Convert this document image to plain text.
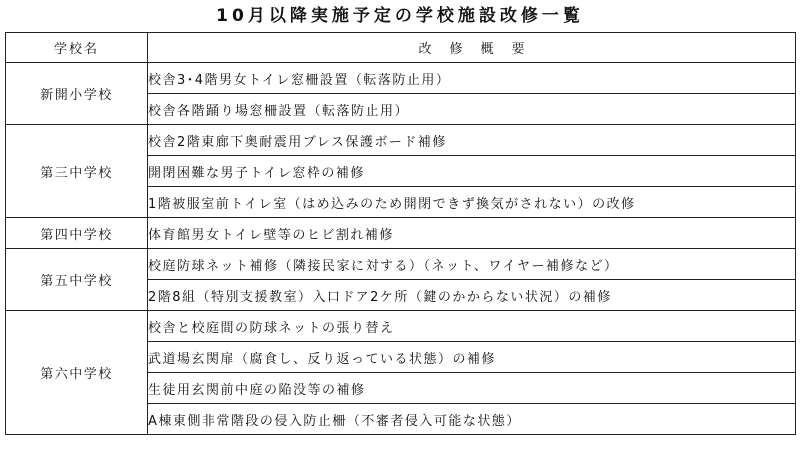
10月以降実施予定の学校施設改修一覧
学校名	改修概要
新開小学校	校舎3･4階男女トイレ窓柵設置（転落防止用）
	校舎各階踊り場窓柵設置（転落防止用）
第三中学校	校舎2階東廊下奥耐震用ブレス保護ボード補修
	開閉困難な男子トイレ窓枠の補修
	1階被服室前トイレ室（はめ込みのため開閉できず換気がされない）の改修
第四中学校	体育館男女トイレ壁等のヒビ割れ補修
第五中学校	校庭防球ネット補修（隣接民家に対する）（ネット、ワイヤー補修など）
	2階8組（特別支援教室）入口ドア2ケ所（鍵のかからない状況）の補修
第六中学校	校舎と校庭間の防球ネットの張り替え
	武道場玄関扉（腐食し、反り返っている状態）の補修
	生徒用玄関前中庭の陥没等の補修
	A棟東側非常階段の侵入防止柵（不審者侵入可能な状態）
